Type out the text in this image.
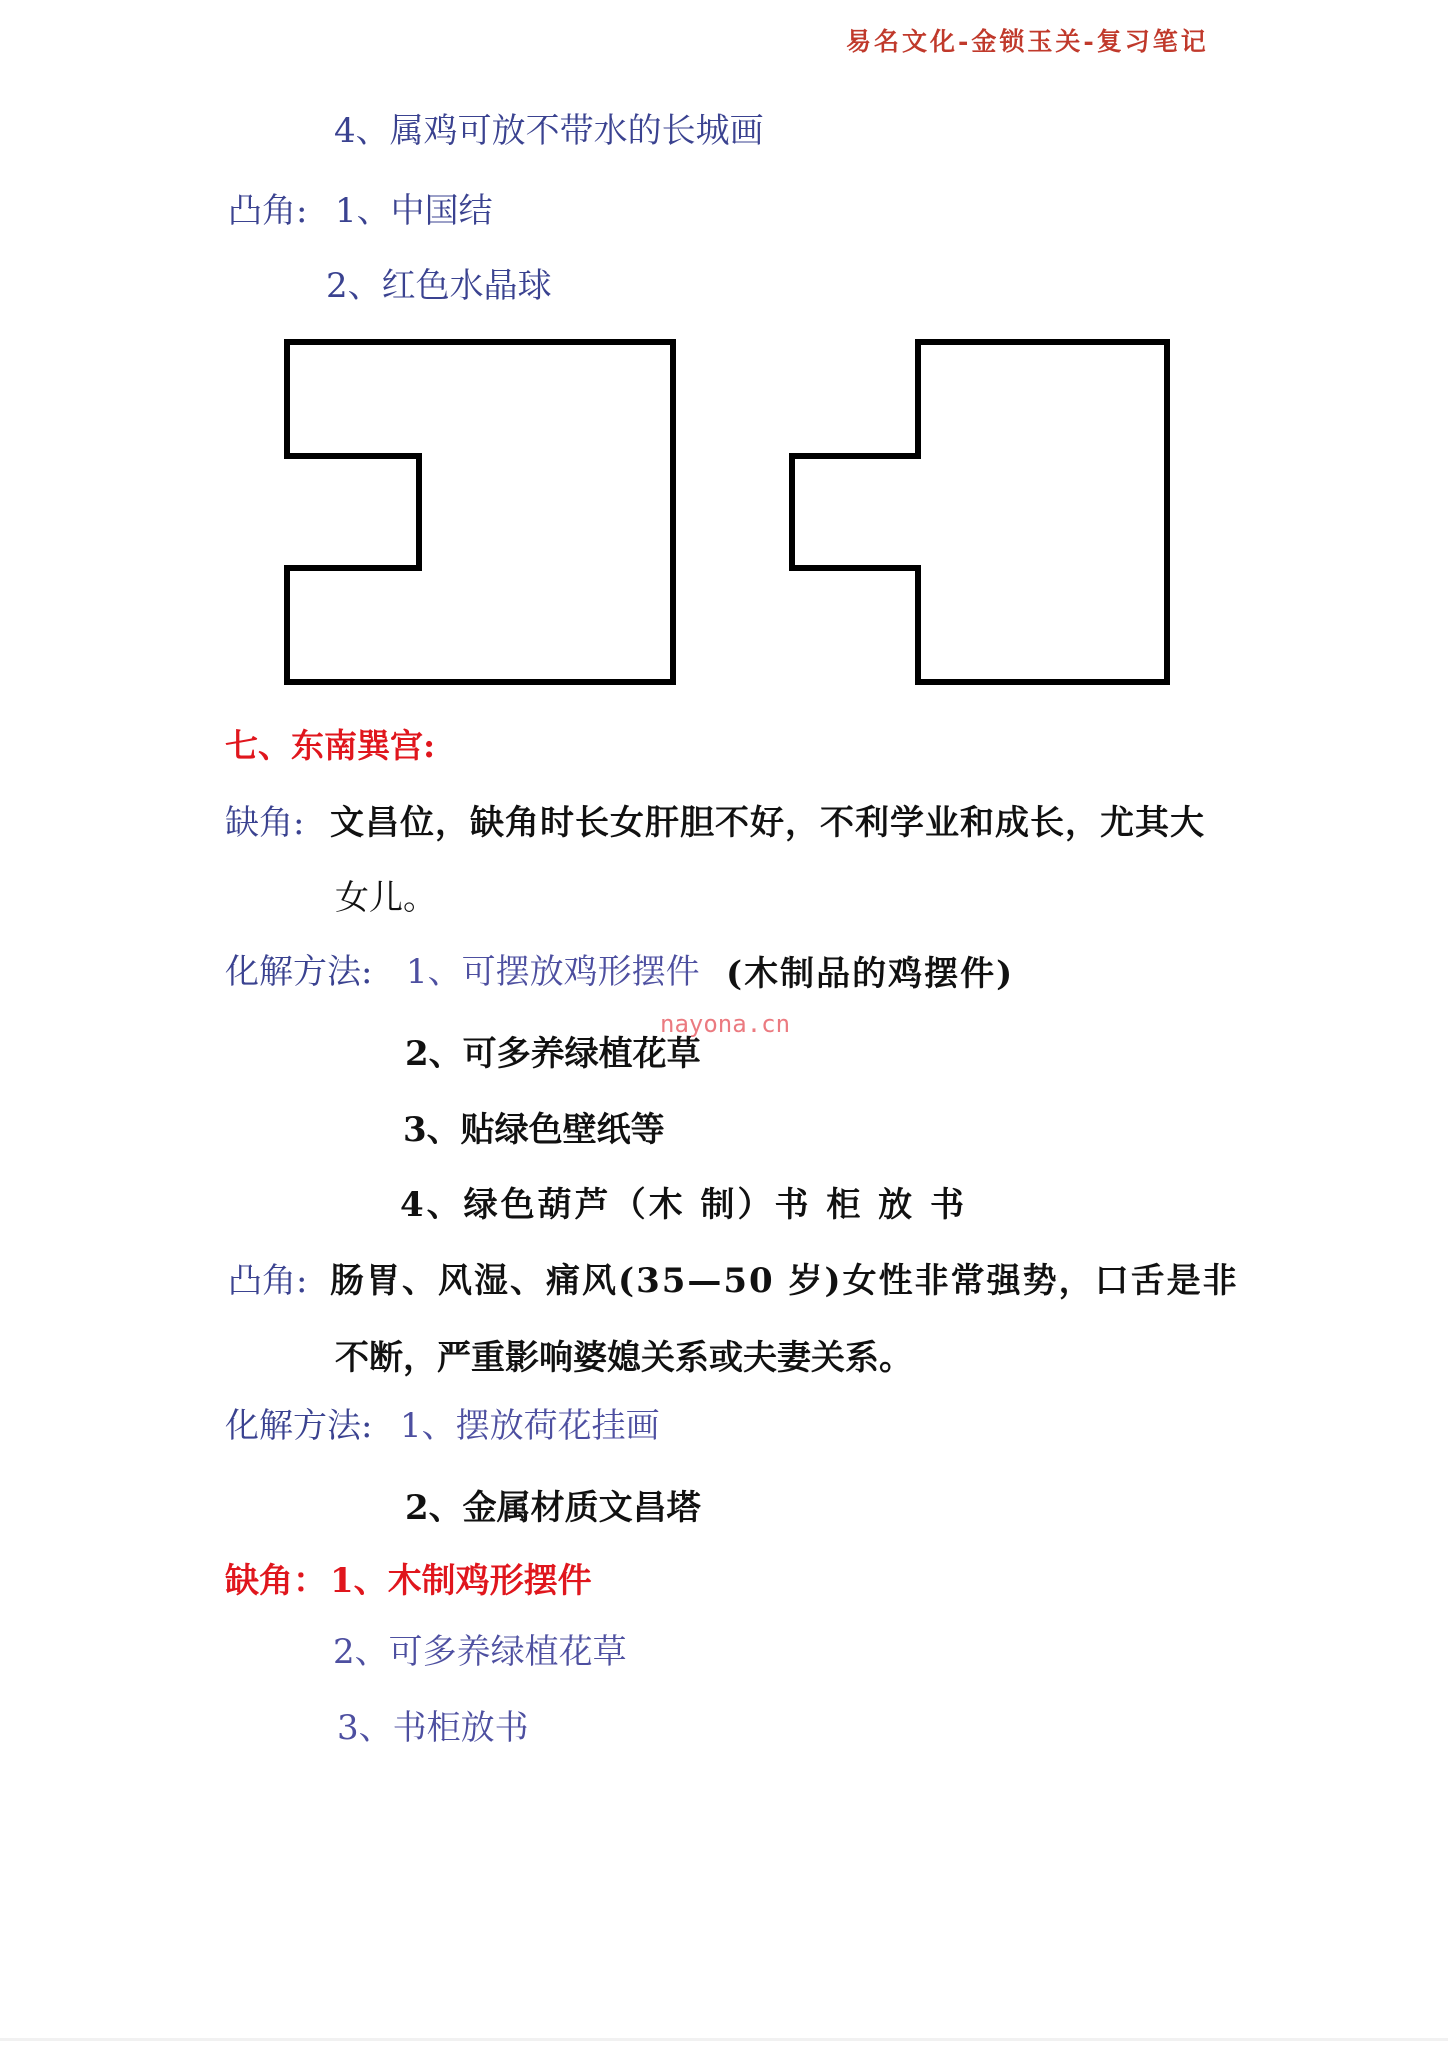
易名文化-金锁玉关-复习笔记
4、属鸡可放不带水的长城画
凸角: 1、中国结
2、红色水晶球
七、东南巽宫:
缺角: 文昌位，缺角时长女肝胆不好，不利学业和成长，尤其大
女儿。
化解方法: 1、可摆放鸡形摆件 (木制品的鸡摆件)
nayona.cn
2、可多养绿植花草
3、贴绿色壁纸等
4、绿色葫芦（木 制）书 柜 放 书
凸角: 肠胃、风湿、痛风(35—50 岁)女性非常强势，口舌是非
不断，严重影响婆媳关系或夫妻关系。
化解方法: 1、摆放荷花挂画
2、金属材质文昌塔
缺角： 1、木制鸡形摆件
2、可多养绿植花草
3、书柜放书
